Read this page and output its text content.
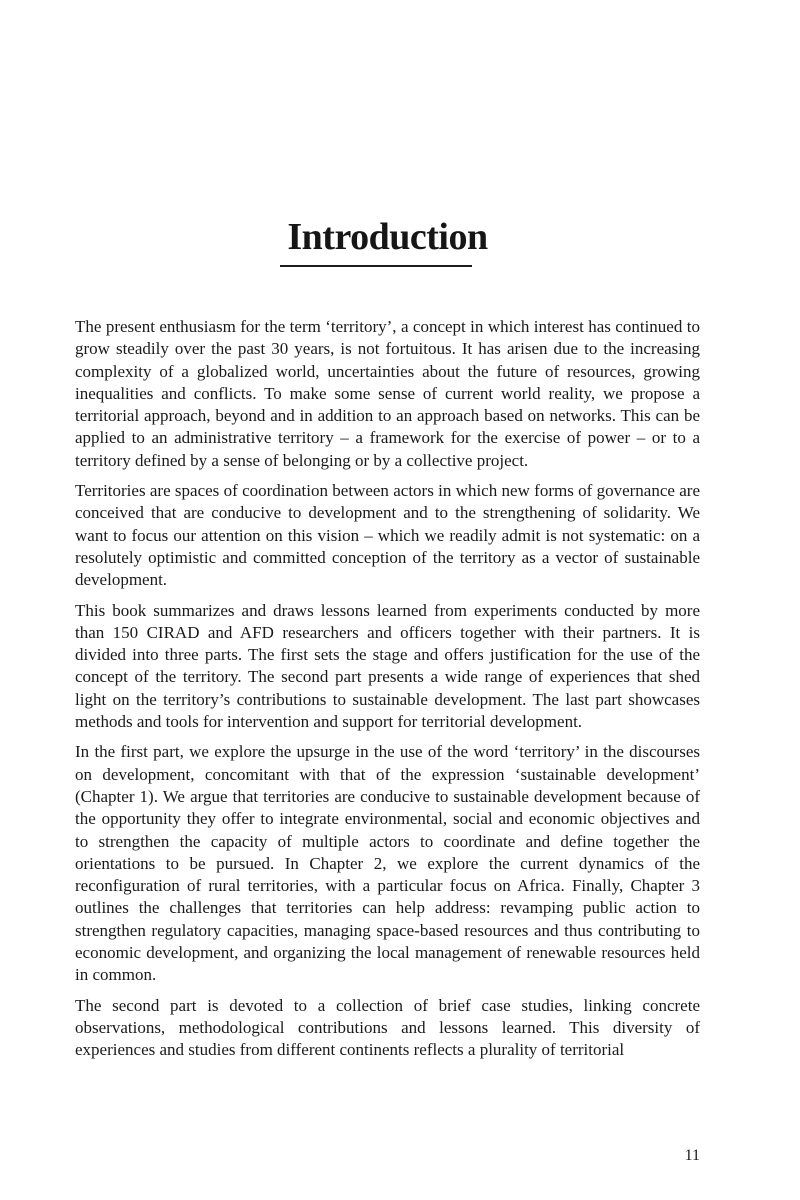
Introduction

The present enthusiasm for the term ‘territory’, a concept in which interest has continued to grow steadily over the past 30 years, is not fortuitous. It has arisen due to the increasing complexity of a globalized world, uncertainties about the future of resources, growing inequalities and conflicts. To make some sense of current world reality, we propose a territorial approach, beyond and in addition to an approach based on networks. This can be applied to an administrative territory – a framework for the exercise of power – or to a territory defined by a sense of belonging or by a collective project.

Territories are spaces of coordination between actors in which new forms of governance are conceived that are conducive to development and to the strengthening of solidarity. We want to focus our attention on this vision – which we readily admit is not systematic: on a resolutely optimistic and committed conception of the territory as a vector of sustainable development.

This book summarizes and draws lessons learned from experiments conducted by more than 150 CIRAD and AFD researchers and officers together with their partners. It is divided into three parts. The first sets the stage and offers justification for the use of the concept of the territory. The second part presents a wide range of experiences that shed light on the territory’s contributions to sustainable development. The last part showcases methods and tools for intervention and support for territorial development.

In the first part, we explore the upsurge in the use of the word ‘territory’ in the discourses on development, concomitant with that of the expression ‘sustainable development’ (Chapter 1). We argue that territories are conducive to sustainable development because of the opportunity they offer to integrate environmental, social and economic objectives and to strengthen the capacity of multiple actors to coordinate and define together the orientations to be pursued. In Chapter 2, we explore the current dynamics of the reconfiguration of rural territories, with a particular focus on Africa. Finally, Chapter 3 outlines the challenges that territories can help address: revamping public action to strengthen regulatory capacities, managing space-based resources and thus contributing to economic development, and organizing the local management of renewable resources held in common.

The second part is devoted to a collection of brief case studies, linking concrete observations, methodological contributions and lessons learned. This diversity of experiences and studies from different continents reflects a plurality of territorial

11
